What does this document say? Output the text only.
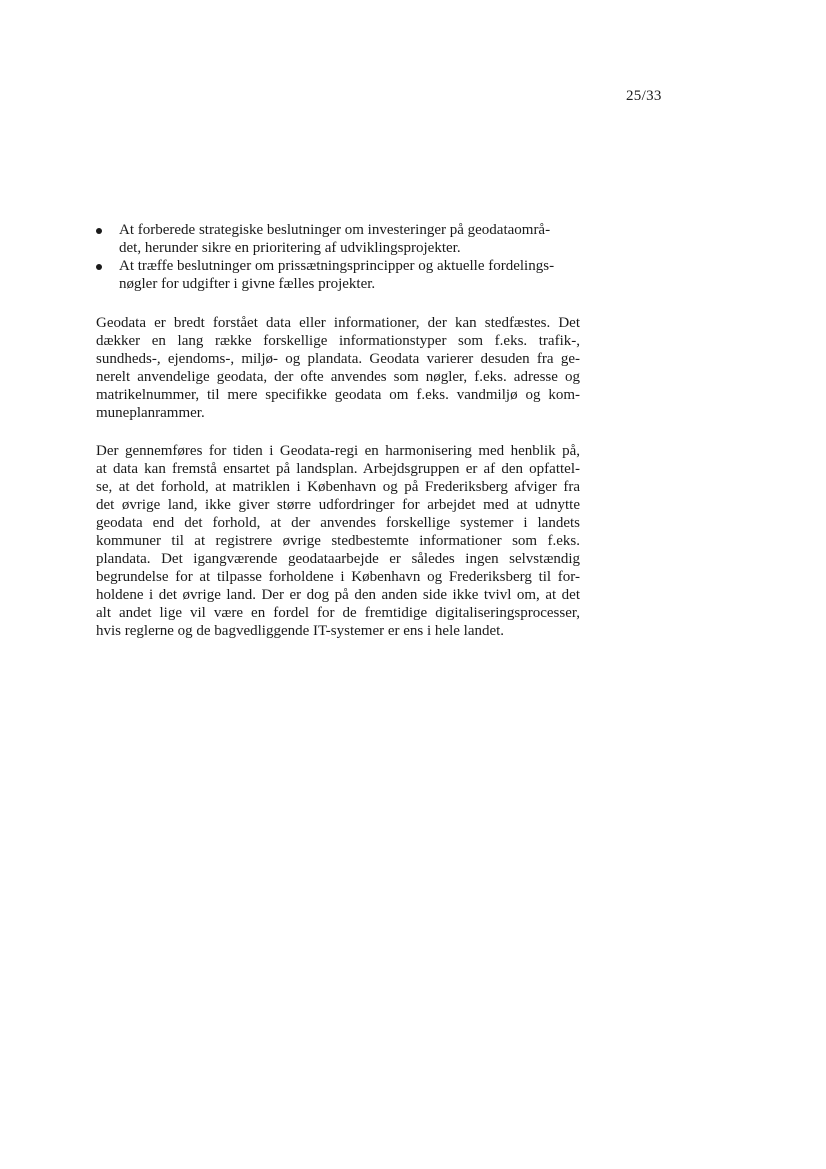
25/33
At forberede strategiske beslutninger om investeringer på geodataområ-
det, herunder sikre en prioritering af udviklingsprojekter.
At træffe beslutninger om prissætningsprincipper og aktuelle fordelings-
nøgler for udgifter i givne fælles projekter.
Geodata er bredt forstået data eller informationer, der kan stedfæstes. Det
dækker en lang række forskellige informationstyper som f.eks. trafik-,
sundheds-, ejendoms-, miljø- og plandata. Geodata varierer desuden fra ge-
nerelt anvendelige geodata, der ofte anvendes som nøgler, f.eks. adresse og
matrikelnummer, til mere specifikke geodata om f.eks. vandmiljø og kom-
muneplanrammer.
Der gennemføres for tiden i Geodata-regi en harmonisering med henblik på,
at data kan fremstå ensartet på landsplan. Arbejdsgruppen er af den opfattel-
se, at det forhold, at matriklen i København og på Frederiksberg afviger fra
det øvrige land, ikke giver større udfordringer for arbejdet med at udnytte
geodata end det forhold, at der anvendes forskellige systemer i landets
kommuner til at registrere øvrige stedbestemte informationer som f.eks.
plandata. Det igangværende geodataarbejde er således ingen selvstændig
begrundelse for at tilpasse forholdene i København og Frederiksberg til for-
holdene i det øvrige land. Der er dog på den anden side ikke tvivl om, at det
alt andet lige vil være en fordel for de fremtidige digitaliseringsprocesser,
hvis reglerne og de bagvedliggende IT-systemer er ens i hele landet.
